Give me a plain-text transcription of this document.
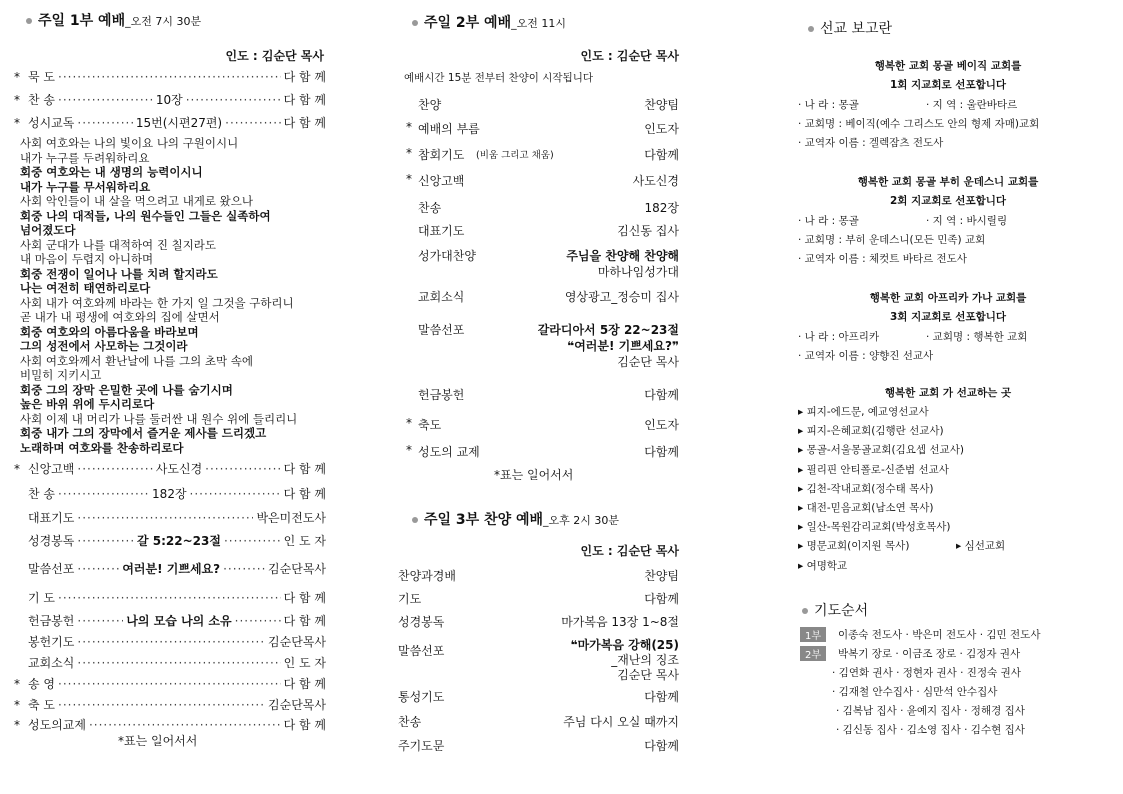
주일 1부 예배_오전 7시 30분
인도 : 김순단 목사
*표는 일어서서
* 묵 도 ·····	다 함 께
* 찬 송 ·····	10장 ·····	다 함 께
* 성시교독 ·····	15번(시편27편) ·····	다 함 께
사회 여호와는 나의 빛이요 나의 구원이시니
내가 누구를 두려워하리요
회중 여호와는 내 생명의 능력이시니
내가 누구를 무서워하리요
사회 악인들이 내 살을 먹으려고 내게로 왔으나
회중 나의 대적들, 나의 원수들인 그들은 실족하여
넘어졌도다
사회 군대가 나를 대적하여 진 칠지라도
내 마음이 두렵지 아니하며
회중 전쟁이 일어나 나를 치려 할지라도
나는 여전히 태연하리로다
사회 내가 여호와께 바라는 한 가지 일 그것을 구하리니
곧 내가 내 평생에 여호와의 집에 살면서
회중 여호와의 아름다움을 바라보며
그의 성전에서 사모하는 그것이라
사회 여호와께서 환난날에 나를 그의 초막 속에
비밀히 지키시고
회중 그의 장막 은밀한 곳에 나를 숨기시며
높은 바위 위에 두시리로다
사회 이제 내 머리가 나를 둘러싼 내 원수 위에 들리리니
회중 내가 그의 장막에서 즐거운 제사를 드리겠고
노래하며 여호와를 찬송하리로다
* 신앙고백 ·····	사도신경 ·····	다 함 께
찬 송 ·····	182장 ·····	다 함 께
대표기도 ·····	박은미전도사
성경봉독 ·····	갈 5:22~23절 ·····	인 도 자
말씀선포 ·····	여러분! 기쁘세요? ·····	김순단목사
기 도 ·····	다 함 께
헌금봉헌 ·····	나의 모습 나의 소유 ·····	다 함 께
봉헌기도 ·····	김순단목사
교회소식 ·····	인 도 자
* 송 영 ·····	다 함 께
* 축 도 ·····	김순단목사
* 성도의교제 ·····	다 함 께
주일 2부 예배_오전 11시
인도 : 김순단 목사
예배시간 15분 전부터 찬양이 시작됩니다
*표는 일어서서
주일 3부 찬양 예배_오후 2시 30분
인도 : 김순단 목사
찬양	찬양팀
* 예배의 부름	인도자
* 참회기도 (비움 그리고 채움)	다함께
* 신앙고백	사도신경
찬송	182장
대표기도	김신동 집사
성가대찬양	주님을 찬양해 찬양해
마하나임성가대
교회소식	영상광고_정승미 집사
말씀선포	갈라디아서 5장 22~23절
❝여러분! 기쁘세요?❞
김순단 목사
헌금봉헌	다함께
* 축도	인도자
* 성도의 교제	다함께
찬양과경배	찬양팀
기도	다함께
성경봉독	마가복음 13장 1~8절
말씀선포	❝마가복음 강해(25)
_재난의 징조
김순단 목사
통성기도	다함께
찬송	주님 다시 오실 때까지
주기도문	다함께
선교 보고란
기도순서
행복한 교회 몽골 베이직 교회를
1회 지교회로 선포합니다
· 나 라 : 몽골	· 지 역 : 울란바타르
· 교회명 : 베이직(예수 그리스도 안의 형제 자매)교회
· 교역자 이름 : 겔렉잠츠 전도사
행복한 교회 몽골 부히 운데스니 교회를
2회 지교회로 선포합니다
· 나 라 : 몽골	· 지 역 : 바시릴링
· 교회명 : 부히 운데스니(모든 민족) 교회
· 교역자 이름 : 체컷트 바타르 전도사
행복한 교회 아프리카 가나 교회를
3회 지교회로 선포합니다
· 나 라 : 아프리카	· 교회명 : 행복한 교회
· 교역자 이름 : 양향진 선교사
행복한 교회 가 선교하는 곳
▸ 피지-에드문, 예교영선교사
▸ 피지-은혜교회(김행란 선교사)
▸ 몽골-서울몽골교회(김요셉 선교사)
▸ 필리핀 안티폴로-신준범 선교사
▸ 김천-작내교회(정수태 목사)
▸ 대전-믿음교회(남소연 목사)
▸ 일산-목원감리교회(박성호목사)
▸ 명문교회(이지원 목사)	▸ 심선교회
▸ 여명학교
1부	이종숙 전도사 · 박은미 전도사 · 김민 전도사
2부	박복기 장로 · 이금조 장로 · 김정자 권사
· 김연화 권사 · 정현자 권사 · 진정숙 권사
· 김재철 안수집사 · 심만석 안수집사
· 김복남 집사 · 윤예지 집사 · 정해경 집사
· 김신동 집사 · 김소영 집사 · 김수현 집사
